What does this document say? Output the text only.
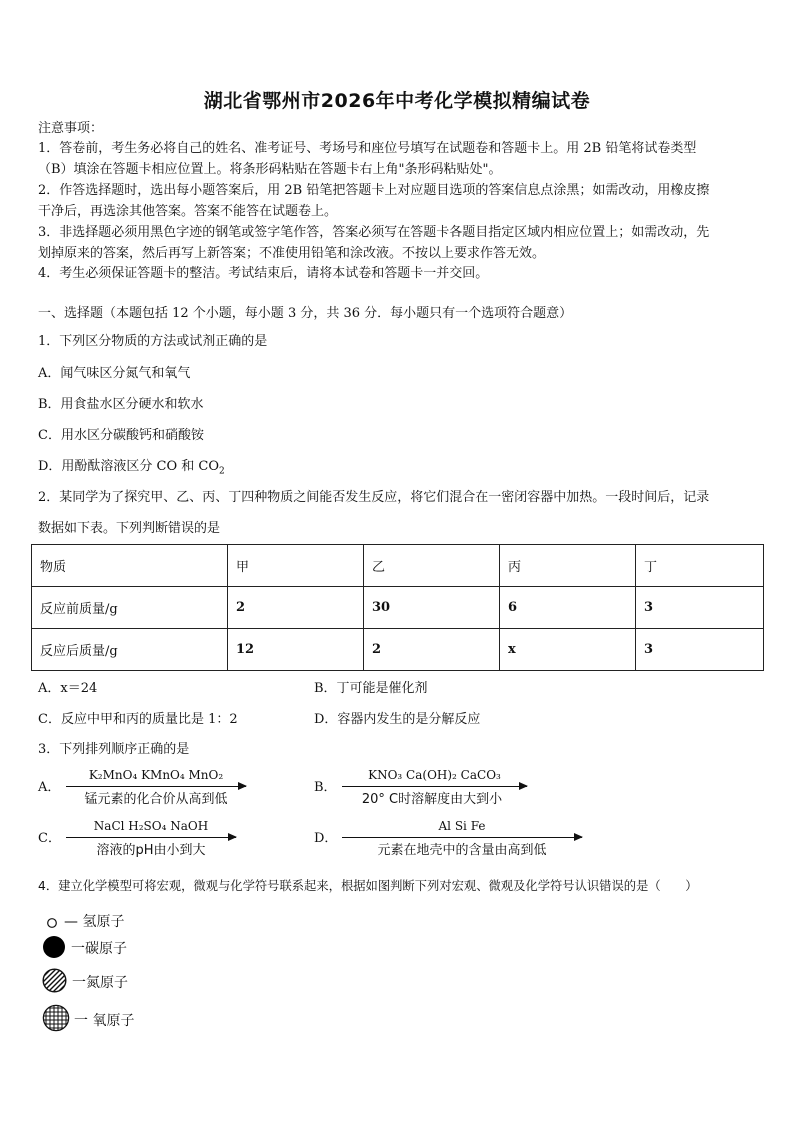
湖北省鄂州市2026年中考化学模拟精编试卷
注意事项：
1．答卷前，考生务必将自己的姓名、准考证号、考场号和座位号填写在试题卷和答题卡上。用 2B 铅笔将试卷类型
（B）填涂在答题卡相应位置上。将条形码粘贴在答题卡右上角"条形码粘贴处"。
2．作答选择题时，选出每小题答案后，用 2B 铅笔把答题卡上对应题目选项的答案信息点涂黑；如需改动，用橡皮擦
干净后，再选涂其他答案。答案不能答在试题卷上。
3．非选择题必须用黑色字迹的钢笔或签字笔作答，答案必须写在答题卡各题目指定区域内相应位置上；如需改动，先
划掉原来的答案，然后再写上新答案；不准使用铅笔和涂改液。不按以上要求作答无效。
4．考生必须保证答题卡的整洁。考试结束后，请将本试卷和答题卡一并交回。
一、选择题（本题包括 12 个小题，每小题 3 分，共 36 分．每小题只有一个选项符合题意）
1．下列区分物质的方法或试剂正确的是
A．闻气味区分氮气和氧气
B．用食盐水区分硬水和软水
C．用水区分碳酸钙和硝酸铵
D．用酚酞溶液区分 CO 和 $CO_2$
2．某同学为了探究甲、乙、丙、丁四种物质之间能否发生反应，将它们混合在一密闭容器中加热。一段时间后，记录
数据如下表。下列判断错误的是
物质	甲	乙	丙	丁
反应前质量/g	2	30	6	3
反应后质量/g	12	2	x	3
A．x＝24	B．丁可能是催化剂
C．反应中甲和丙的质量比是 1：2	D．容器内发生的是分解反应
3．下列排列顺序正确的是
A．
K₂MnO₄ KMnO₄ MnO₂
锰元素的化合价从高到低
B．
KNO₃ Ca(OH)₂ CaCO₃
20° C时溶解度由大到小
C．
NaCl H₂SO₄ NaOH
溶液的pH由小到大
D．
Al Si Fe
元素在地壳中的含量由高到低
4．建立化学模型可将宏观，微观与化学符号联系起来，根据如图判断下列对宏观、微观及化学符号认识错误的是（　　）
— 氢原子
一碳原子
一氮原子
一 氧原子
